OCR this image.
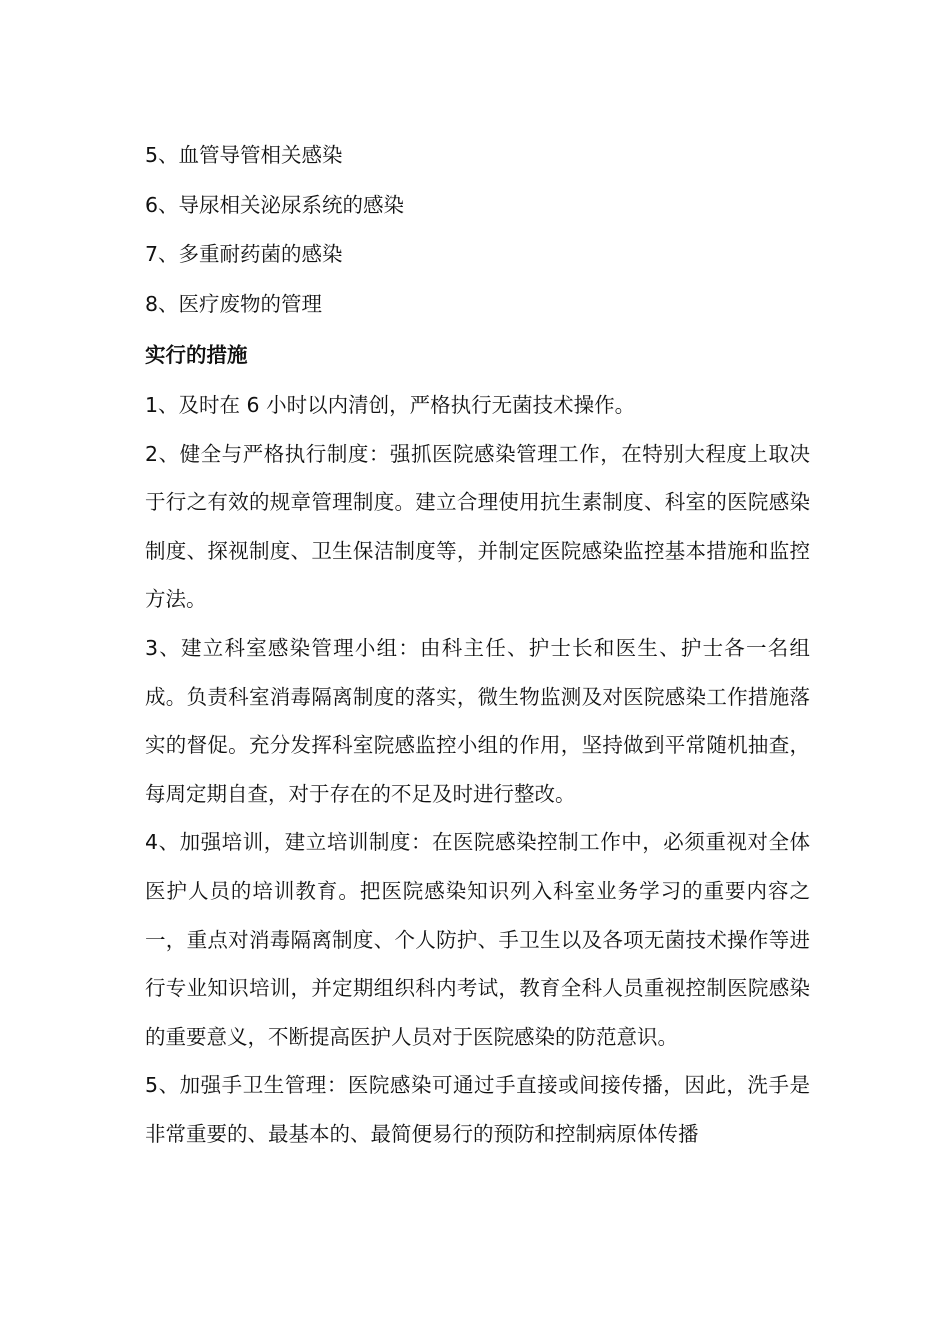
5、血管导管相关感染

6、导尿相关泌尿系统的感染

7、多重耐药菌的感染

8、医疗废物的管理

实行的措施

1、及时在 6 小时以内清创，严格执行无菌技术操作。

2、健全与严格执行制度：强抓医院感染管理工作，在特别大程度上取决于行之有效的规章管理制度。建立合理使用抗生素制度、科室的医院感染制度、探视制度、卫生保洁制度等，并制定医院感染监控基本措施和监控方法。

3、建立科室感染管理小组：由科主任、护士长和医生、护士各一名组成。负责科室消毒隔离制度的落实，微生物监测及对医院感染工作措施落实的督促。充分发挥科室院感监控小组的作用，坚持做到平常随机抽查，每周定期自查，对于存在的不足及时进行整改。

4、加强培训，建立培训制度：在医院感染控制工作中，必须重视对全体医护人员的培训教育。把医院感染知识列入科室业务学习的重要内容之一，重点对消毒隔离制度、个人防护、手卫生以及各项无菌技术操作等进行专业知识培训，并定期组织科内考试，教育全科人员重视控制医院感染的重要意义，不断提高医护人员对于医院感染的防范意识。

5、加强手卫生管理：医院感染可通过手直接或间接传播，因此，洗手是非常重要的、最基本的、最简便易行的预防和控制病原体传播
